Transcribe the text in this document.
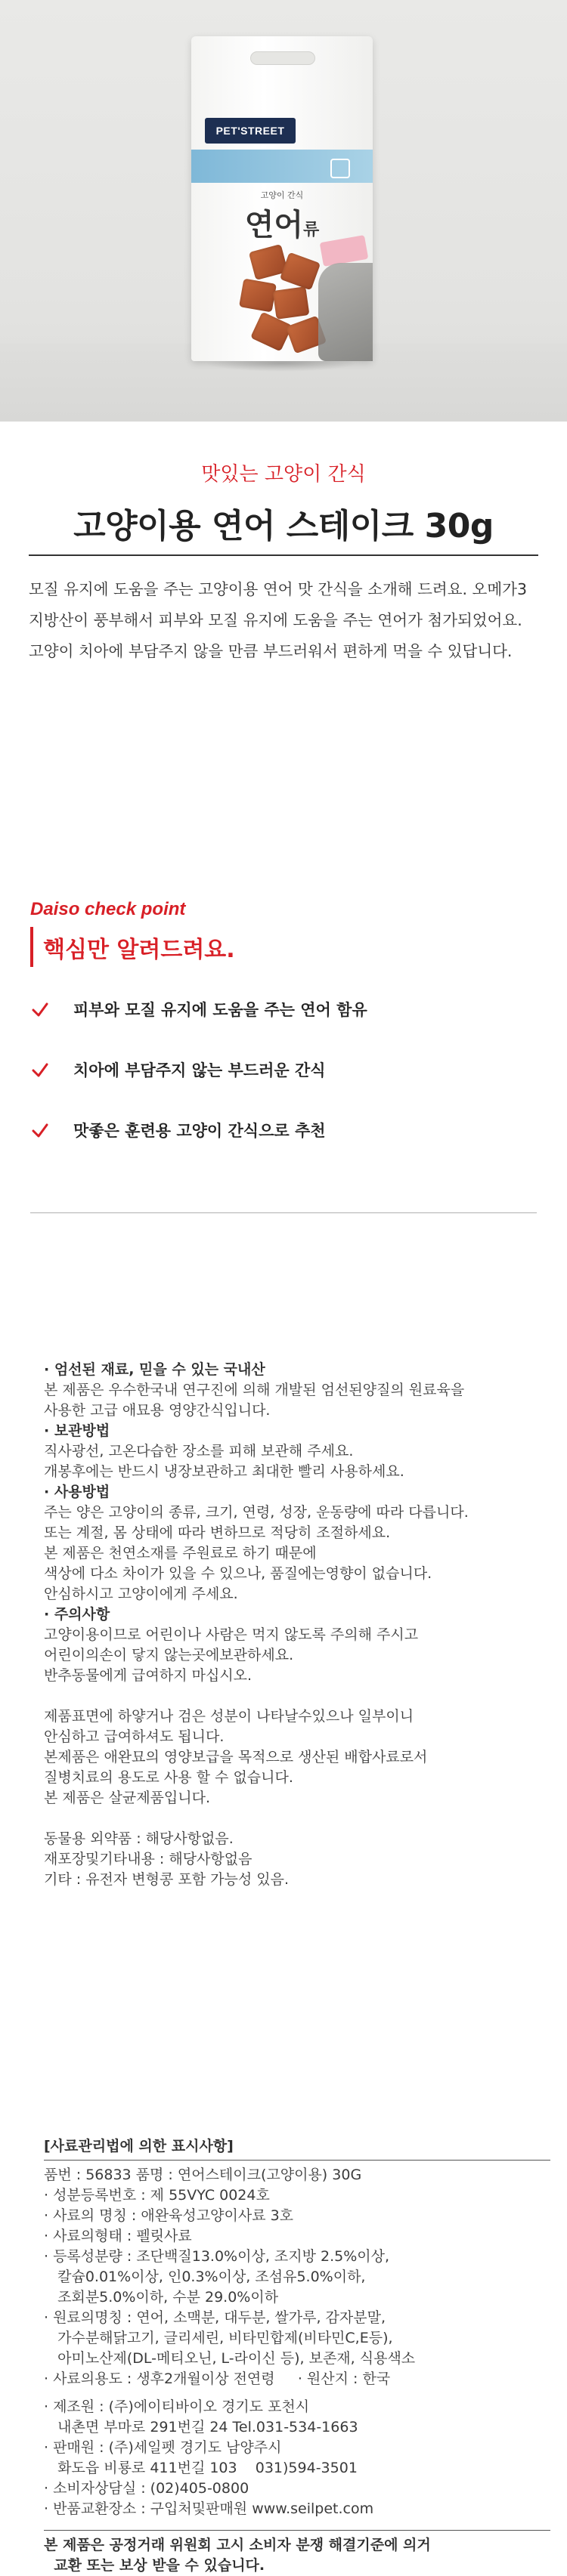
PET'STREET
고양이 간식
연어류
맛있는 고양이 간식
고양이용 연어 스테이크 30g

모질 유지에 도움을 주는 고양이용 연어 맛 간식을 소개해 드려요. 오메가3 지방산이 풍부해서 피부와 모질 유지에 도움을 주는 연어가 첨가되었어요. 고양이 치아에 부담주지 않을 만큼 부드러워서 편하게 먹을 수 있답니다.

Daiso check point
핵심만 알려드려요.
피부와 모질 유지에 도움을 주는 연어 함유
치아에 부담주지 않는 부드러운 간식
맛좋은 훈련용 고양이 간식으로 추천
· 엄선된 재료, 믿을 수 있는 국내산
본 제품은 우수한국내 연구진에 의해 개발된 엄선된양질의 원료육을
사용한 고급 애묘용 영양간식입니다.
· 보관방법
직사광선, 고온다습한 장소를 피해 보관해 주세요.
개봉후에는 반드시 냉장보관하고 최대한 빨리 사용하세요.
· 사용방법
주는 양은 고양이의 종류, 크기, 연령, 성장, 운동량에 따라 다릅니다.
또는 계절, 몸 상태에 따라 변하므로 적당히 조절하세요.
본 제품은 천연소재를 주원료로 하기 때문에
색상에 다소 차이가 있을 수 있으나, 품질에는영향이 없습니다.
안심하시고 고양이에게 주세요.
· 주의사항
고양이용이므로 어린이나 사람은 먹지 않도록 주의해 주시고
어린이의손이 닿지 않는곳에보관하세요.
반추동물에게 급여하지 마십시오.
제품표면에 하얗거나 검은 성분이 나타날수있으나 일부이니
안심하고 급여하셔도 됩니다.
본제품은 애완묘의 영양보급을 목적으로 생산된 배합사료로서
질병치료의 용도로 사용 할 수 없습니다.
본 제품은 살균제품입니다.
동물용 외약품 : 해당사항없음.
재포장및기타내용 : 해당사항없음
기타 : 유전자 변형콩 포함 가능성 있음.
[사료관리법에 의한 표시사항]
품번 : 56833 품명 : 연어스테이크(고양이용) 30G
· 성분등록번호 : 제 55VYC 0024호
· 사료의 명칭 : 애완육성고양이사료 3호
· 사료의형태 : 펠릿사료
· 등록성분량 : 조단백질13.0%이상, 조지방 2.5%이상,
칼슘0.01%이상, 인0.3%이상, 조섬유5.0%이하,
조회분5.0%이하, 수분 29.0%이하
· 원료의명칭 : 연어, 소맥분, 대두분, 쌀가루, 감자분말,
가수분해닭고기, 글리세린, 비타민합제(비타민C,E등),
아미노산제(DL-메티오닌, L-라이신 등), 보존재, 식용색소
· 사료의용도 : 생후2개월이상 전연령     · 원산지 : 한국
· 제조원 : (주)에이티바이오 경기도 포천시
내촌면 부마로 291번길 24 Tel.031-534-1663
· 판매원 : (주)세일펫 경기도 남양주시
화도읍 비룡로 411번길 103    031)594-3501
· 소비자상담실 : (02)405-0800
· 반품교환장소 : 구입처및판매원 www.seilpet.com
본 제품은 공정거래 위원회 고시 소비자 분쟁 해결기준에 의거
교환 또는 보상 받을 수 있습니다.
